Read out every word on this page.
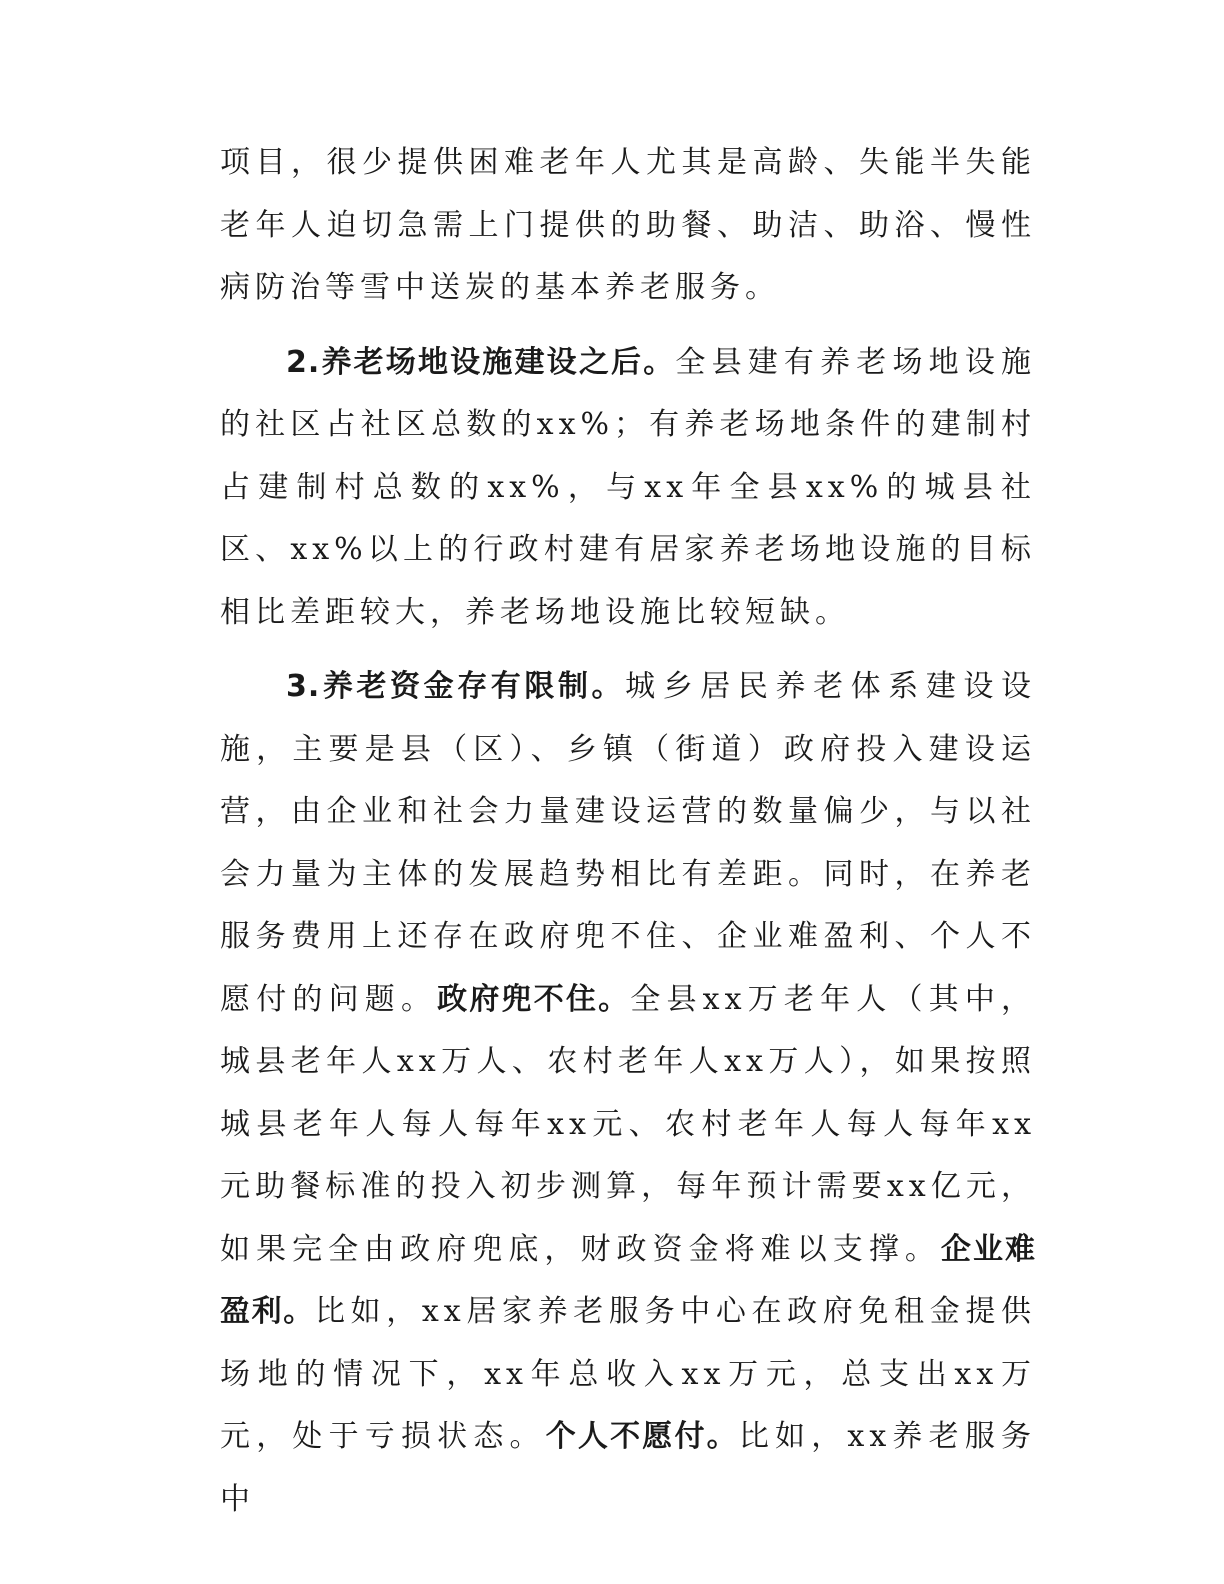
项目，很少提供困难老年人尤其是高龄、失能半失能老年人迫切急需上门提供的助餐、助洁、助浴、慢性病防治等雪中送炭的基本养老服务。

2.养老场地设施建设之后。全县建有养老场地设施的社区占社区总数的xx%；有养老场地条件的建制村占建制村总数的xx%，与xx年全县xx%的城县社区、xx%以上的行政村建有居家养老场地设施的目标相比差距较大，养老场地设施比较短缺。

3.养老资金存有限制。城乡居民养老体系建设设施，主要是县（区）、乡镇（街道）政府投入建设运营，由企业和社会力量建设运营的数量偏少，与以社会力量为主体的发展趋势相比有差距。同时，在养老服务费用上还存在政府兜不住、企业难盈利、个人不愿付的问题。政府兜不住。全县xx万老年人（其中，城县老年人xx万人、农村老年人xx万人），如果按照城县老年人每人每年xx元、农村老年人每人每年xx元助餐标准的投入初步测算，每年预计需要xx亿元，如果完全由政府兜底，财政资金将难以支撑。企业难盈利。比如，xx居家养老服务中心在政府免租金提供场地的情况下，xx年总收入xx万元，总支出xx万元，处于亏损状态。个人不愿付。比如，xx养老服务中
